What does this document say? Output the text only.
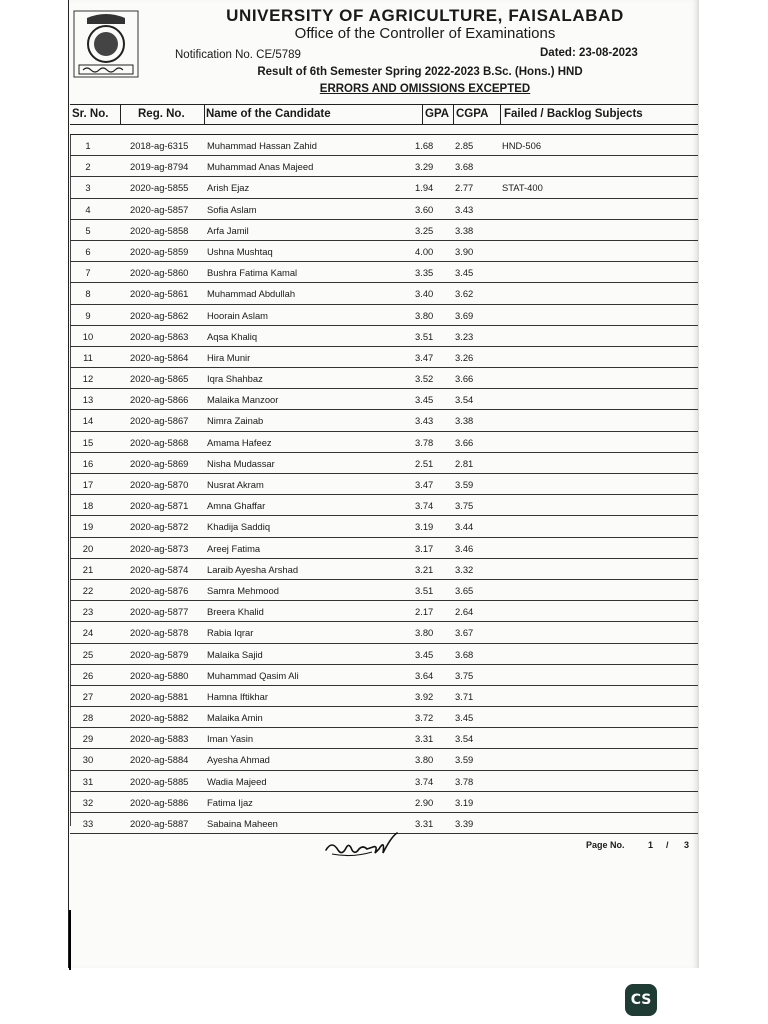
UNIVERSITY OF AGRICULTURE, FAISALABAD
Office of the Controller of Examinations
Notification No. CE/5789	Dated: 23-08-2023
Result of 6th Semester Spring 2022-2023 B.Sc. (Hons.) HND
ERRORS AND OMISSIONS EXCEPTED
Sr. No.	Reg. No. Name of the Candidate	GPA CGPA Failed / Backlog Subjects
1	2018-ag-6315 Muhammad Hassan Zahid	1.68 2.85	HND-506
2	2019-ag-8794 Muhammad Anas Majeed	3.29 3.68
3	2020-ag-5855 Arish Ejaz	1.94 2.77	STAT-400
4	2020-ag-5857 Sofia Aslam	3.60 3.43
5	2020-ag-5858 Arfa Jamil	3.25 3.38
6	2020-ag-5859 Ushna Mushtaq	4.00 3.90
7	2020-ag-5860 Bushra Fatima Kamal	3.35 3.45
8	2020-ag-5861 Muhammad Abdullah	3.40 3.62
9	2020-ag-5862 Hoorain Aslam	3.80 3.69
10	2020-ag-5863 Aqsa Khaliq	3.51 3.23
11	2020-ag-5864 Hira Munir	3.47 3.26
12	2020-ag-5865 Iqra Shahbaz	3.52 3.66
13	2020-ag-5866 Malaika Manzoor	3.45 3.54
14	2020-ag-5867 Nimra Zainab	3.43 3.38
15	2020-ag-5868 Amama Hafeez	3.78 3.66
16	2020-ag-5869 Nisha Mudassar	2.51 2.81
17	2020-ag-5870 Nusrat Akram	3.47 3.59
18	2020-ag-5871 Amna Ghaffar	3.74 3.75
19	2020-ag-5872 Khadija Saddiq	3.19 3.44
20	2020-ag-5873 Areej Fatima	3.17 3.46
21	2020-ag-5874 Laraib Ayesha Arshad	3.21 3.32
22	2020-ag-5876 Samra Mehmood	3.51 3.65
23	2020-ag-5877 Breera Khalid	2.17 2.64
24	2020-ag-5878 Rabia Iqrar	3.80 3.67
25	2020-ag-5879 Malaika Sajid	3.45 3.68
26	2020-ag-5880 Muhammad Qasim Ali	3.64 3.75
27	2020-ag-5881 Hamna Iftikhar	3.92 3.71
28	2020-ag-5882 Malaika Amin	3.72 3.45
29	2020-ag-5883 Iman Yasin	3.31 3.54
30	2020-ag-5884 Ayesha Ahmad	3.80 3.59
31	2020-ag-5885 Wadia Majeed	3.74 3.78
32	2020-ag-5886 Fatima Ijaz	2.90 3.19
33	2020-ag-5887 Sabaina Maheen	3.31 3.39
Page No.	1 / 3
CS
